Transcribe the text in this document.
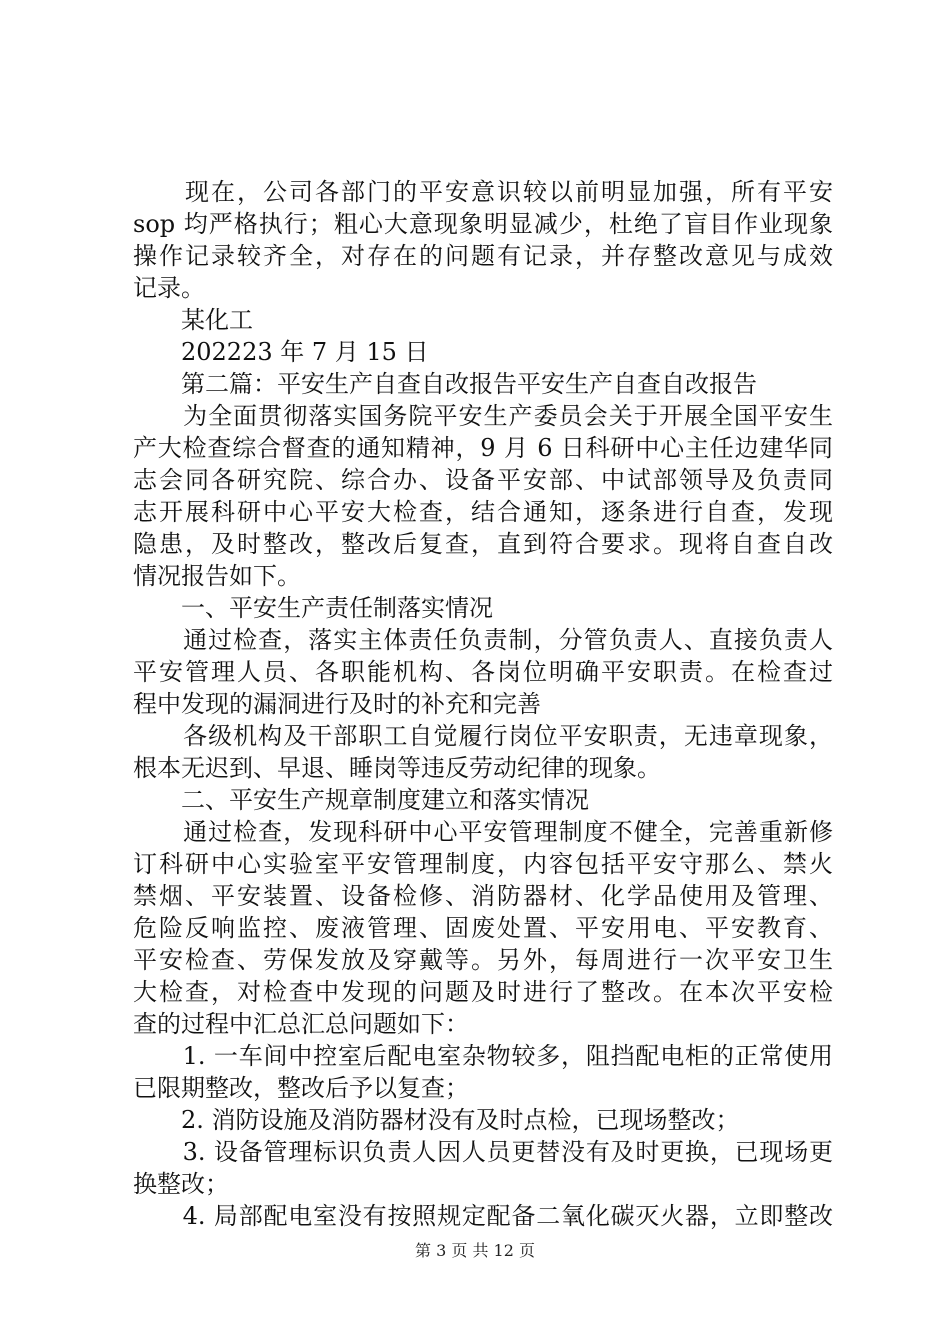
　　现在，公司各部门的平安意识较以前明显加强，所有平安
sop 均严格执行；粗心大意现象明显减少，杜绝了盲目作业现象
操作记录较齐全，对存在的问题有记录，并存整改意见与成效
记录。
　　某化工
　　202223 年 7 月 15 日
　　第二篇：平安生产自查自改报告平安生产自查自改报告
　　为全面贯彻落实国务院平安生产委员会关于开展全国平安生
产大检查综合督查的通知精神，9 月 6 日科研中心主任边建华同
志会同各研究院、综合办、设备平安部、中试部领导及负责同
志开展科研中心平安大检查，结合通知，逐条进行自查，发现
隐患，及时整改，整改后复查，直到符合要求。现将自查自改
情况报告如下。
　　一、平安生产责任制落实情况
　　通过检查，落实主体责任负责制，分管负责人、直接负责人
平安管理人员、各职能机构、各岗位明确平安职责。在检查过
程中发现的漏洞进行及时的补充和完善
　　各级机构及干部职工自觉履行岗位平安职责，无违章现象，
根本无迟到、早退、睡岗等违反劳动纪律的现象。
　　二、平安生产规章制度建立和落实情况
　　通过检查，发现科研中心平安管理制度不健全，完善重新修
订科研中心实验室平安管理制度，内容包括平安守那么、禁火
禁烟、平安装置、设备检修、消防器材、化学品使用及管理、
危险反响监控、废液管理、固废处置、平安用电、平安教育、
平安检查、劳保发放及穿戴等。另外，每周进行一次平安卫生
大检查，对检查中发现的问题及时进行了整改。在本次平安检
查的过程中汇总汇总问题如下：
　　1. 一车间中控室后配电室杂物较多，阻挡配电柜的正常使用
已限期整改，整改后予以复查；
　　2. 消防设施及消防器材没有及时点检，已现场整改；
　　3. 设备管理标识负责人因人员更替没有及时更换，已现场更
换整改；
　　4. 局部配电室没有按照规定配备二氧化碳灭火器，立即整改
第 3 页 共 12 页
